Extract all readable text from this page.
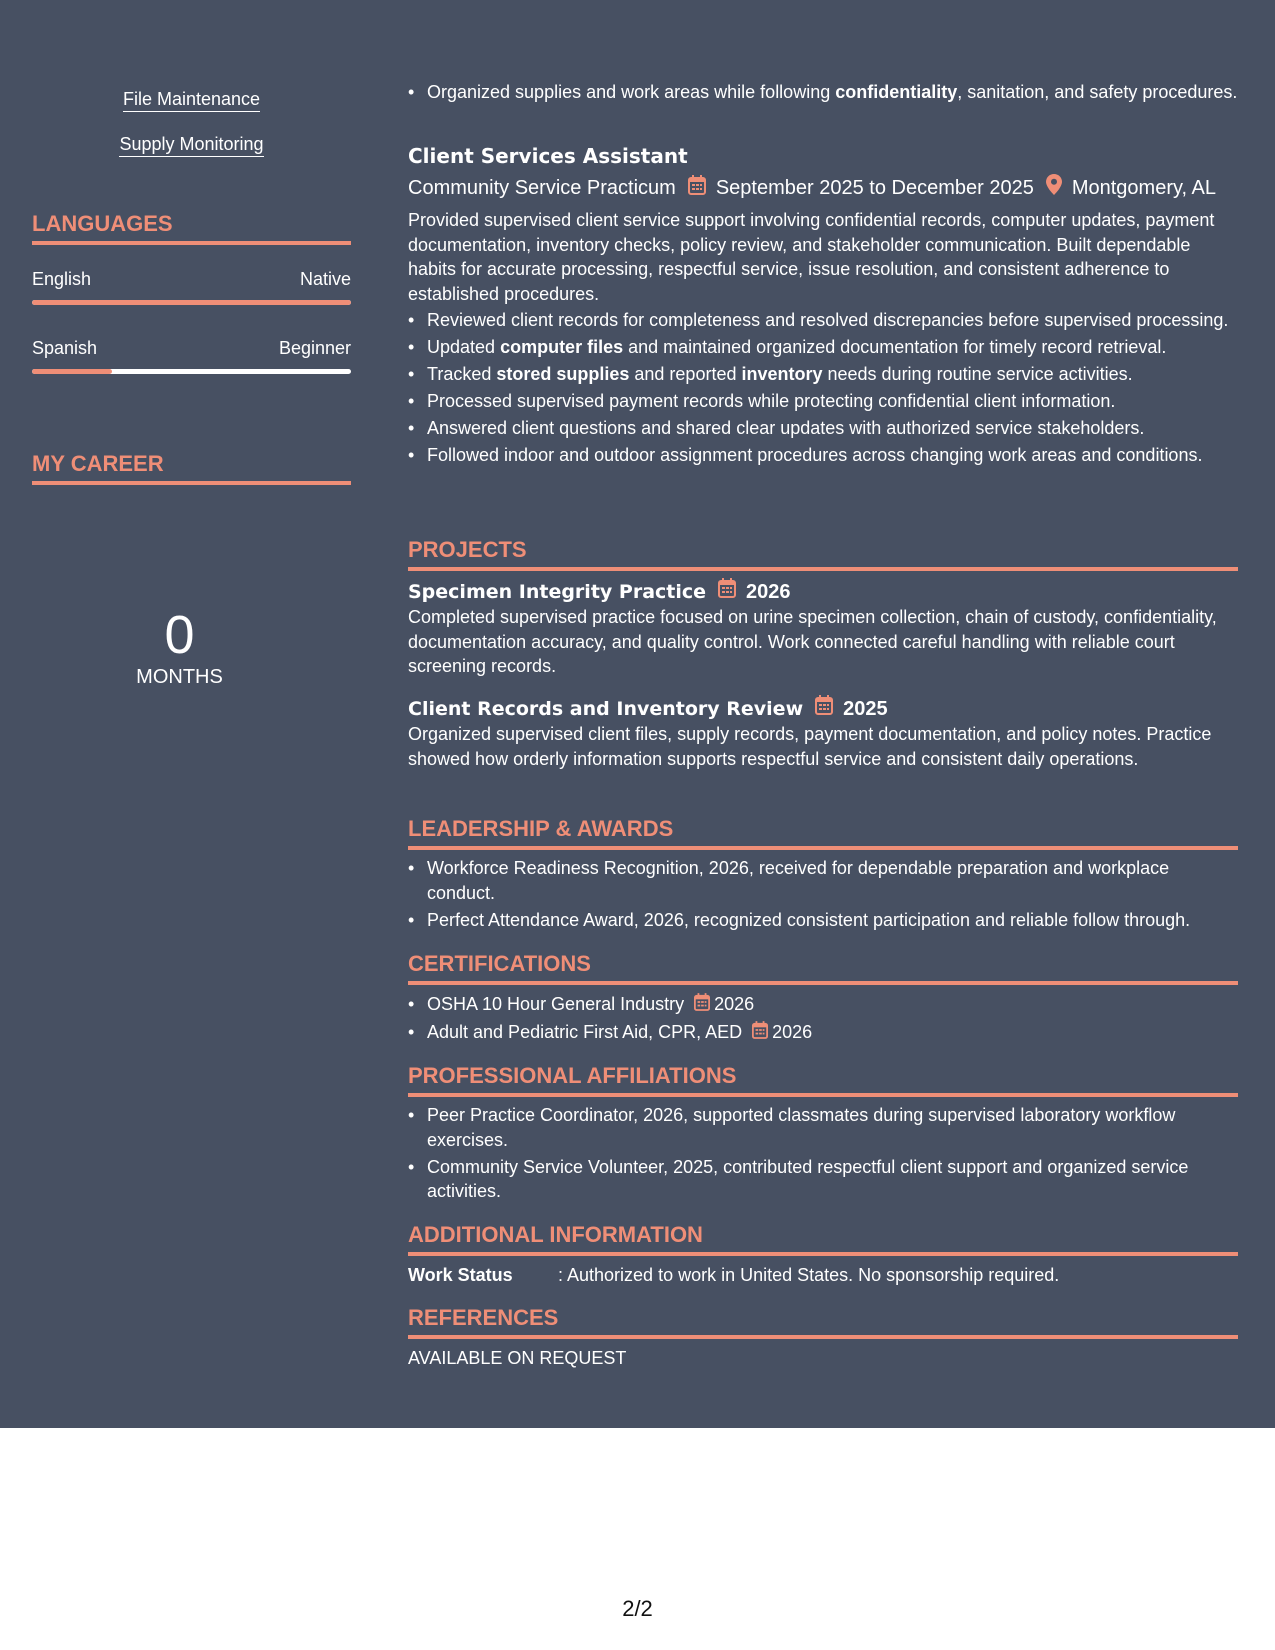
File Maintenance
Supply Monitoring
LANGUAGES
English	Native
Spanish	Beginner
MY CAREER
0
MONTHS
• Organized supplies and work areas while following confidentiality, sanitation, and safety procedures.
Client Services Assistant
Community Service Practicum September 2025 to December 2025 Montgomery, AL
Provided supervised client service support involving confidential records, computer updates, payment documentation, inventory checks, policy review, and stakeholder communication. Built dependable habits for accurate processing, respectful service, issue resolution, and consistent adherence to established procedures.
• Reviewed client records for completeness and resolved discrepancies before supervised processing.
• Updated computer files and maintained organized documentation for timely record retrieval.
• Tracked stored supplies and reported inventory needs during routine service activities.
• Processed supervised payment records while protecting confidential client information.
• Answered client questions and shared clear updates with authorized service stakeholders.
• Followed indoor and outdoor assignment procedures across changing work areas and conditions.
PROJECTS
Specimen Integrity Practice 2026
Completed supervised practice focused on urine specimen collection, chain of custody, confidentiality, documentation accuracy, and quality control. Work connected careful handling with reliable court screening records.
Client Records and Inventory Review 2025
Organized supervised client files, supply records, payment documentation, and policy notes. Practice showed how orderly information supports respectful service and consistent daily operations.
LEADERSHIP & AWARDS
• Workforce Readiness Recognition, 2026, received for dependable preparation and workplace conduct.
• Perfect Attendance Award, 2026, recognized consistent participation and reliable follow through.
CERTIFICATIONS
• OSHA 10 Hour General Industry 2026
• Adult and Pediatric First Aid, CPR, AED 2026
PROFESSIONAL AFFILIATIONS
• Peer Practice Coordinator, 2026, supported classmates during supervised laboratory workflow exercises.
• Community Service Volunteer, 2025, contributed respectful client support and organized service activities.
ADDITIONAL INFORMATION
Work Status	: Authorized to work in United States. No sponsorship required.
REFERENCES
AVAILABLE ON REQUEST
2/2
